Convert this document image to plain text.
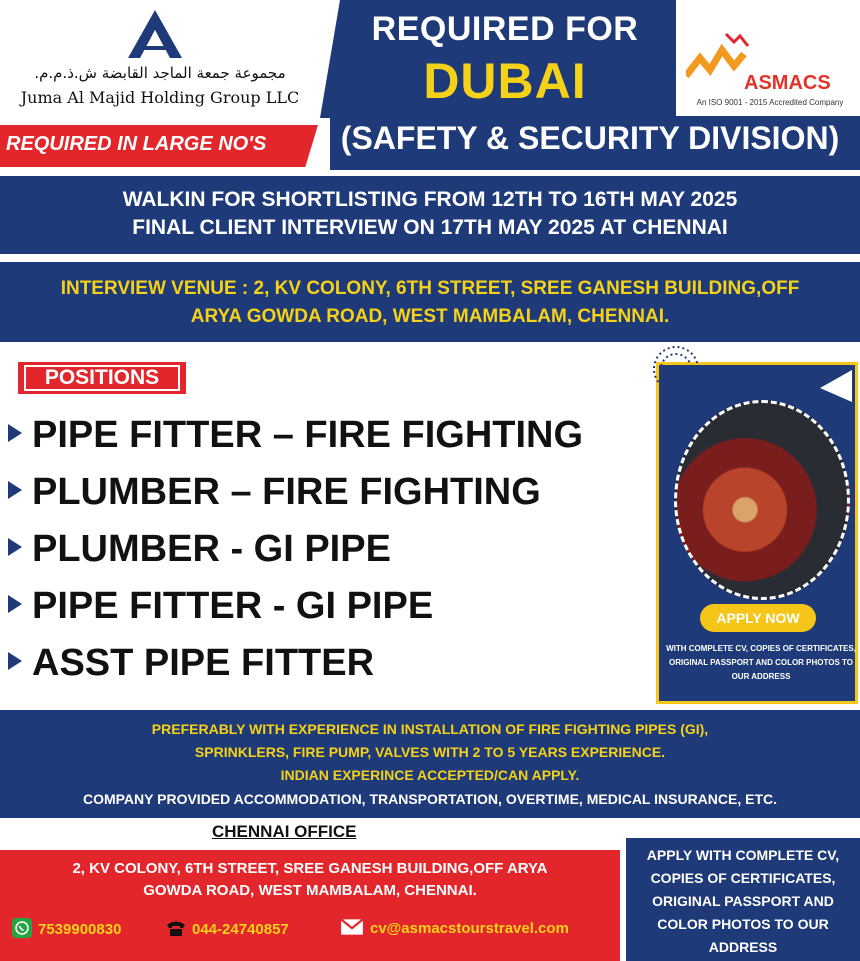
مجموعة جمعة الماجد القابضة ش.ذ.م.م.
Juma Al Majid Holding Group LLC
REQUIRED FOR
DUBAI	ASMACS
An ISO 9001 - 2015 Accredited Company
REQUIRED IN LARGE NO'S	(SAFETY & SECURITY DIVISION)
WALKIN FOR SHORTLISTING FROM 12TH TO 16TH MAY 2025
FINAL CLIENT INTERVIEW ON 17TH MAY 2025 AT CHENNAI
INTERVIEW VENUE : 2, KV COLONY, 6TH STREET, SREE GANESH BUILDING,OFF
ARYA GOWDA ROAD, WEST MAMBALAM, CHENNAI.
POSITIONS
PIPE FITTER – FIRE FIGHTING
PLUMBER – FIRE FIGHTING
PLUMBER - GI PIPE
PIPE FITTER - GI PIPE
ASST PIPE FITTER
APPLY NOW
WITH COMPLETE CV, COPIES OF CERTIFICATES, ORIGINAL PASSPORT AND COLOR PHOTOS TO OUR ADDRESS
PREFERABLY WITH EXPERIENCE IN INSTALLATION OF FIRE FIGHTING PIPES (GI),
SPRINKLERS, FIRE PUMP, VALVES WITH 2 TO 5 YEARS EXPERIENCE.
INDIAN EXPERINCE ACCEPTED/CAN APPLY.
COMPANY PROVIDED ACCOMMODATION, TRANSPORTATION, OVERTIME, MEDICAL INSURANCE, ETC.
CHENNAI OFFICE
2, KV COLONY, 6TH STREET, SREE GANESH BUILDING,OFF ARYA
GOWDA ROAD, WEST MAMBALAM, CHENNAI.
7539900830	044-24740857	cv@asmacstourstravel.com
APPLY WITH COMPLETE CV, COPIES OF CERTIFICATES, ORIGINAL PASSPORT AND COLOR PHOTOS TO OUR ADDRESS
